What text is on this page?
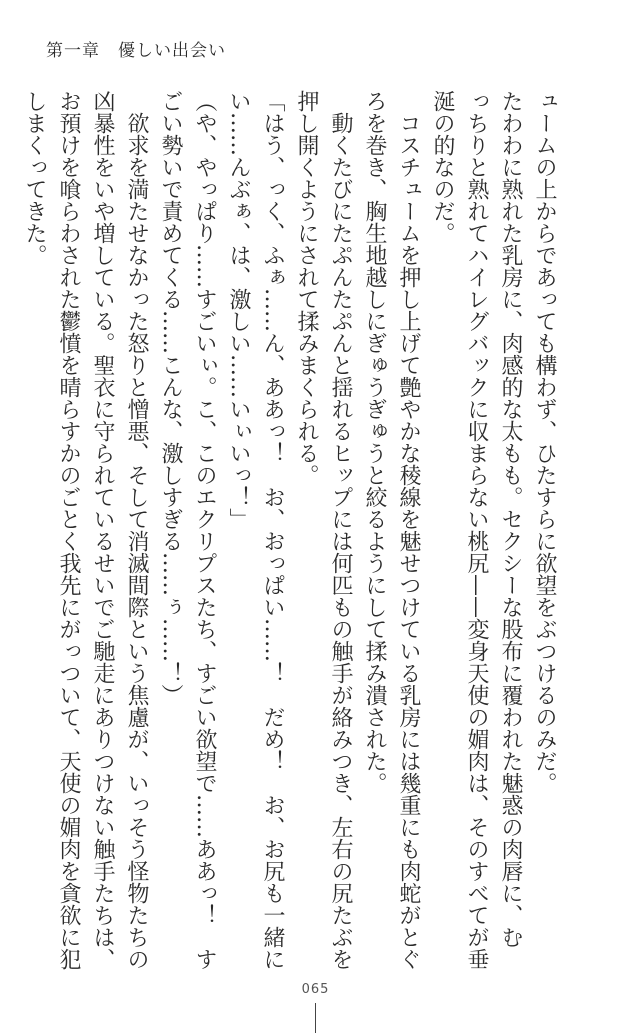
第一章　優しい出会い
ュームの上からであっても構わず、ひたすらに欲望をぶつけるのみだ。
たわわに熟れた乳房に、肉感的な太もも。セクシーな股布に覆われた魅惑の肉唇に、む
っちりと熟れてハイレグバックに収まらない桃尻——変身天使の媚肉は、そのすべてが垂
涎の的なのだ。
　コスチュームを押し上げて艶やかな稜線を魅せつけている乳房には幾重にも肉蛇がとぐ
ろを巻き、胸生地越しにぎゅうぎゅうと絞るようにして揉み潰された。
　動くたびにたぷんたぷんと揺れるヒップには何匹もの触手が絡みつき、左右の尻たぶを
押し開くようにされて揉みまくられる。
「はう、っく、ふぁ……ん、ああっ！　お、おっぱい……！　だめ！　お、お尻も一緒に
い……んぶぁ、は、激しい……いぃいっ！」
（や、やっぱり……すごいぃ。こ、このエクリプスたち、すごい欲望で……ああっ！　す
ごい勢いで責めてくる……こんな、激しすぎる……ぅ……！）
　欲求を満たせなかった怒りと憎悪、そして消滅間際という焦慮が、いっそう怪物たちの
凶暴性をいや増している。聖衣に守られているせいでご馳走にありつけない触手たちは、
お預けを喰らわされた鬱憤を晴らすかのごとく我先にがっついて、天使の媚肉を貪欲に犯
しまくってきた。
065
